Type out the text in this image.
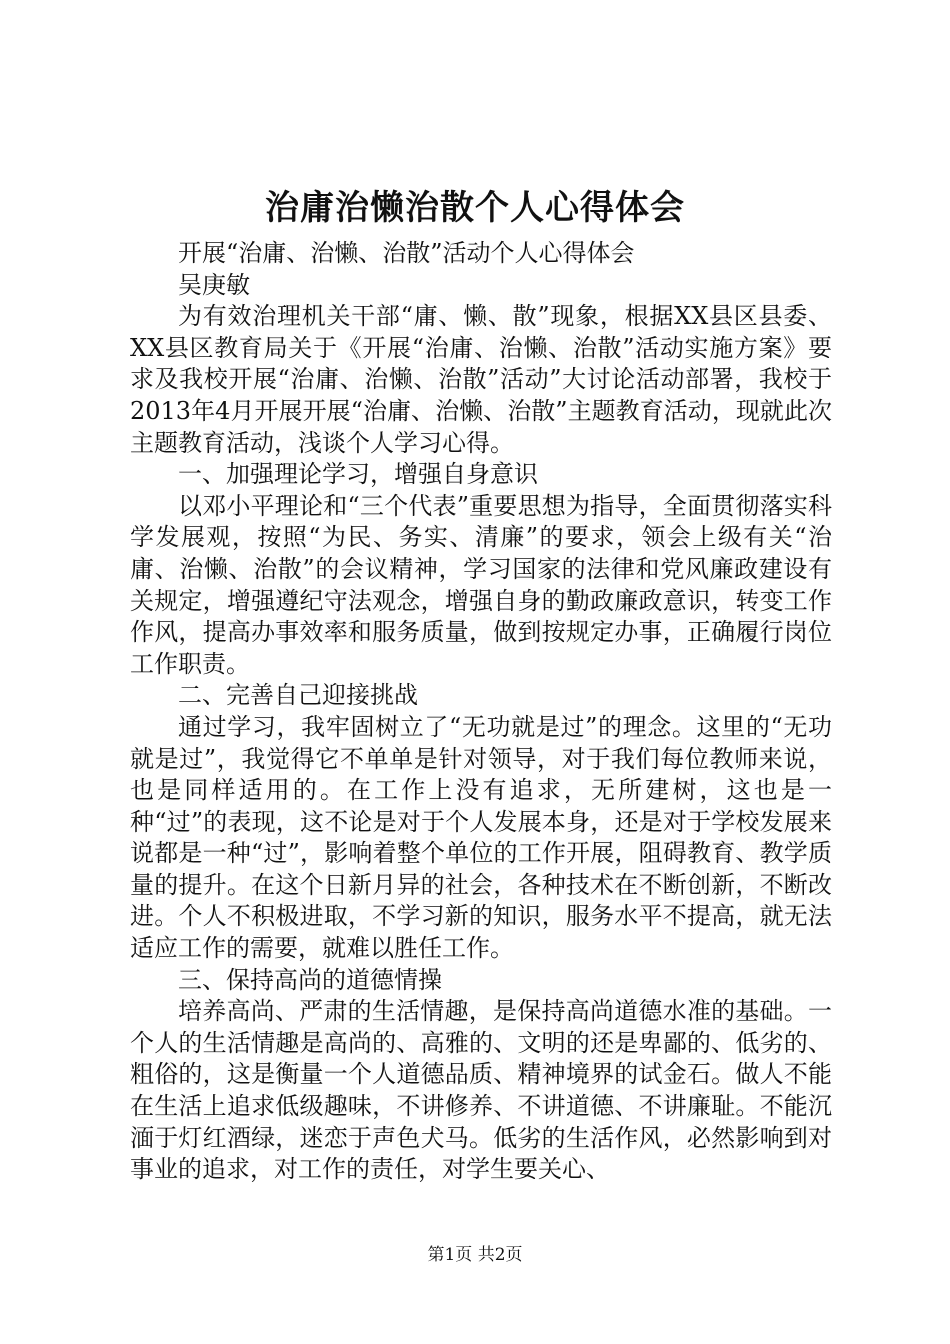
治庸治懒治散个人心得体会

开展“治庸、治懒、治散”活动个人心得体会

吴庚敏

为有效治理机关干部“庸、懒、散”现象，根据XX县区县委、XX县区教育局关于《开展“治庸、治懒、治散”活动实施方案》要求及我校开展“治庸、治懒、治散”活动”大讨论活动部署，我校于2013年4月开展开展“治庸、治懒、治散”主题教育活动，现就此次主题教育活动，浅谈个人学习心得。

一、加强理论学习，增强自身意识

以邓小平理论和“三个代表”重要思想为指导，全面贯彻落实科学发展观，按照“为民、务实、清廉”的要求，领会上级有关“治庸、治懒、治散”的会议精神，学习国家的法律和党风廉政建设有关规定，增强遵纪守法观念，增强自身的勤政廉政意识，转变工作作风，提高办事效率和服务质量，做到按规定办事，正确履行岗位工作职责。

二、完善自己迎接挑战

通过学习，我牢固树立了“无功就是过”的理念。这里的“无功就是过”，我觉得它不单单是针对领导，对于我们每位教师来说，也是同样适用的。在工作上没有追求，无所建树，这也是一种“过”的表现，这不论是对于个人发展本身，还是对于学校发展来说都是一种“过”，影响着整个单位的工作开展，阻碍教育、教学质量的提升。在这个日新月异的社会，各种技术在不断创新，不断改进。个人不积极进取，不学习新的知识，服务水平不提高，就无法适应工作的需要，就难以胜任工作。

三、保持高尚的道德情操

培养高尚、严肃的生活情趣，是保持高尚道德水准的基础。一个人的生活情趣是高尚的、高雅的、文明的还是卑鄙的、低劣的、粗俗的，这是衡量一个人道德品质、精神境界的试金石。做人不能在生活上追求低级趣味，不讲修养、不讲道德、不讲廉耻。不能沉湎于灯红酒绿，迷恋于声色犬马。低劣的生活作风，必然影响到对事业的追求，对工作的责任，对学生要关心、

第1页 共2页
